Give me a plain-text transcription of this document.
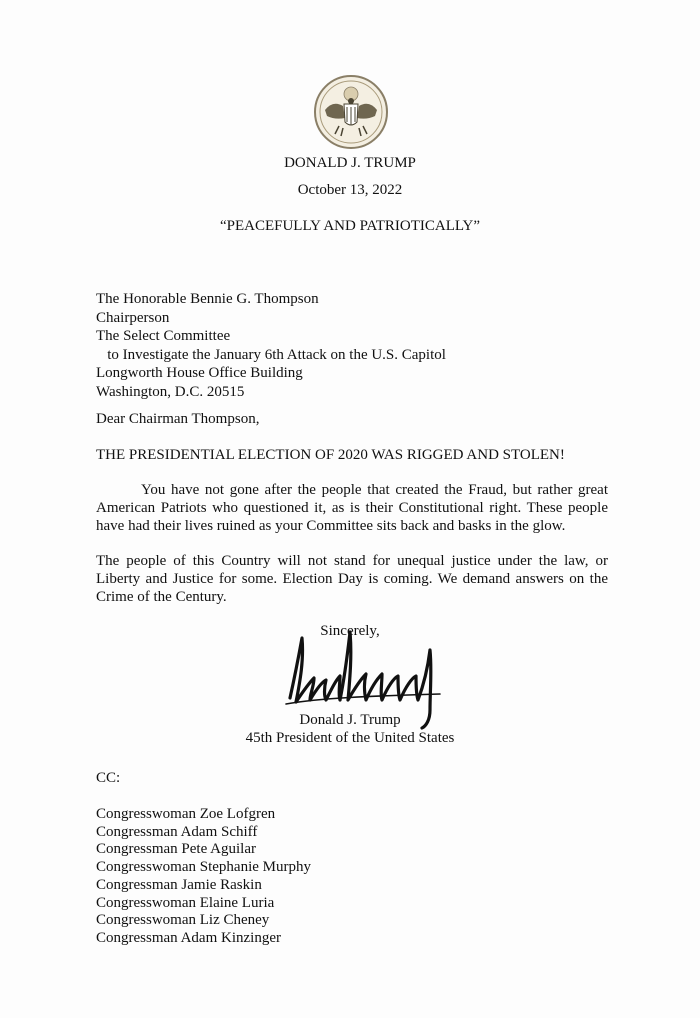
DONALD J. TRUMP
October 13, 2022
“PEACEFULLY AND PATRIOTICALLY”
The Honorable Bennie G. Thompson
Chairperson
The Select Committee
to Investigate the January 6th Attack on the U.S. Capitol
Longworth House Office Building
Washington, D.C. 20515
Dear Chairman Thompson,
THE PRESIDENTIAL ELECTION OF 2020 WAS RIGGED AND STOLEN!
You have not gone after the people that created the Fraud, but rather great American Patriots who questioned it, as is their Constitutional right. These people have had their lives ruined as your Committee sits back and basks in the glow.
The people of this Country will not stand for unequal justice under the law, or Liberty and Justice for some. Election Day is coming. We demand answers on the Crime of the Century.
Sincerely,
Donald J. Trump
45th President of the United States
CC:
Congresswoman Zoe Lofgren
Congressman Adam Schiff
Congressman Pete Aguilar
Congresswoman Stephanie Murphy
Congressman Jamie Raskin
Congresswoman Elaine Luria
Congresswoman Liz Cheney
Congressman Adam Kinzinger
